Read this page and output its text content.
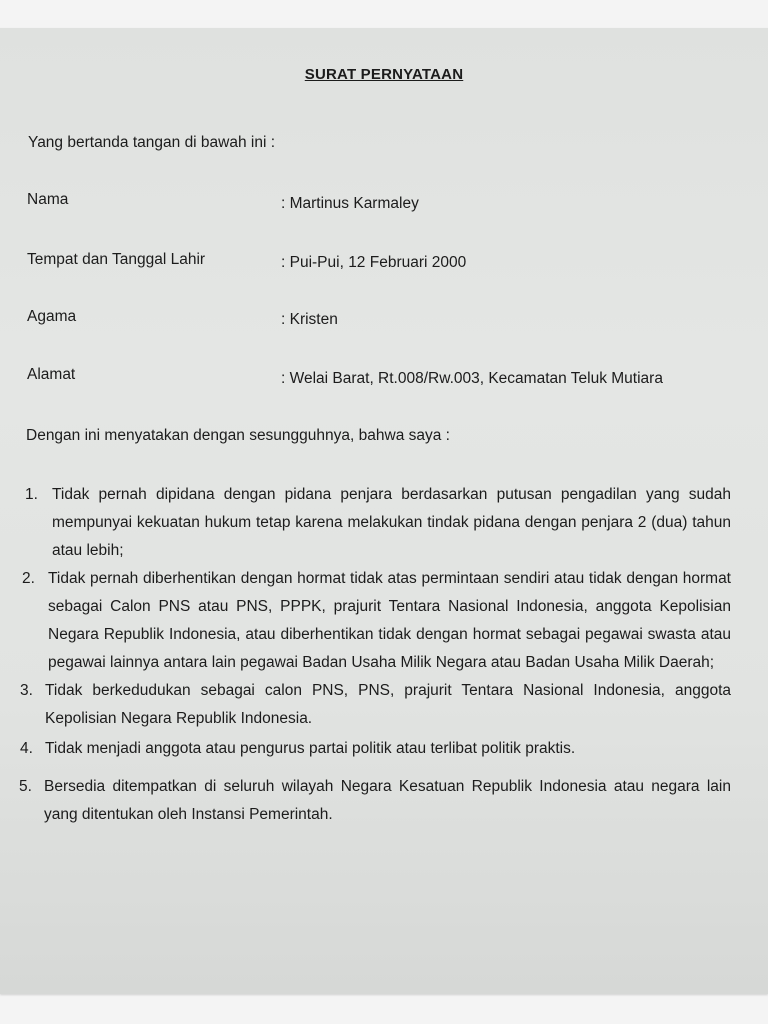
SURAT PERNYATAAN
Yang bertanda tangan di bawah ini :
Nama	: Martinus Karmaley
Tempat dan Tanggal Lahir	: Pui-Pui, 12 Februari 2000
Agama	: Kristen
Alamat	: Welai Barat, Rt.008/Rw.003, Kecamatan Teluk Mutiara
Dengan ini menyatakan dengan sesungguhnya, bahwa saya :
1. Tidak pernah dipidana dengan pidana penjara berdasarkan putusan pengadilan yang sudah mempunyai kekuatan hukum tetap karena melakukan tindak pidana dengan penjara 2 (dua) tahun atau lebih;
2. Tidak pernah diberhentikan dengan hormat tidak atas permintaan sendiri atau tidak dengan hormat sebagai Calon PNS atau PNS, PPPK, prajurit Tentara Nasional Indonesia, anggota Kepolisian Negara Republik Indonesia, atau diberhentikan tidak dengan hormat sebagai pegawai swasta atau pegawai lainnya antara lain pegawai Badan Usaha Milik Negara atau Badan Usaha Milik Daerah;
3. Tidak berkedudukan sebagai calon PNS, PNS, prajurit Tentara Nasional Indonesia, anggota Kepolisian Negara Republik Indonesia.
4. Tidak menjadi anggota atau pengurus partai politik atau terlibat politik praktis.
5. Bersedia ditempatkan di seluruh wilayah Negara Kesatuan Republik Indonesia atau negara lain yang ditentukan oleh Instansi Pemerintah.
